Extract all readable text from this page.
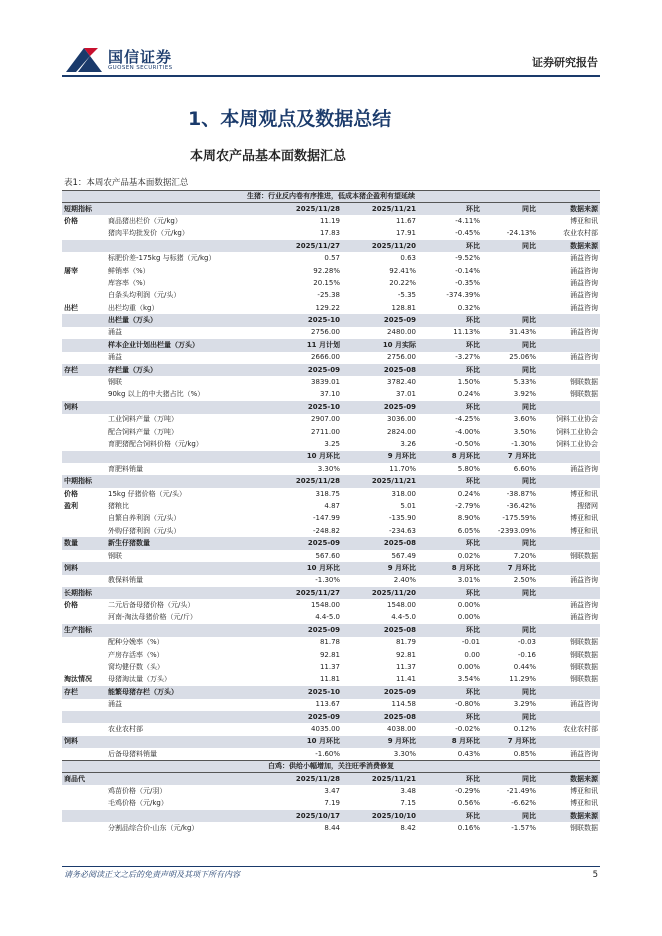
国信证券
GUOSEN SECURITIES	证券研究报告
1、本周观点及数据总结
本周农产品基本面数据汇总
表1：本周农产品基本面数据汇总
生猪：行业反内卷有序推进，低成本猪企盈利有望延续						
短期指标		2025/11/28	2025/11/21	环比	同比	数据来源
价格	商品猪出栏价（元/kg）	11.19	11.67	-4.11%		博亚和讯
	猪肉平均批发价（元/kg）	17.83	17.91	-0.45%	-24.13%	农业农村部
		2025/11/27	2025/11/20	环比	同比	数据来源
	标肥价差-175kg 与标猪（元/kg）	0.57	0.63	-9.52%		涌益咨询
屠宰	鲜销率（%）	92.28%	92.41%	-0.14%		涌益咨询
	库容率（%）	20.15%	20.22%	-0.35%		涌益咨询
	白条头均利润（元/头）	-25.38	-5.35	-374.39%		涌益咨询
出栏	出栏均重（kg）	129.22	128.81	0.32%		涌益咨询
	出栏量（万头）	2025-10	2025-09	环比	同比	
	涌益	2756.00	2480.00	11.13%	31.43%	涌益咨询
	样本企业计划出栏量（万头）	11 月计划	10 月实际	环比	同比	
	涌益	2666.00	2756.00	-3.27%	25.06%	涌益咨询
存栏	存栏量（万头）	2025-09	2025-08	环比	同比	
	钢联	3839.01	3782.40	1.50%	5.33%	钢联数据
	90kg 以上的中大猪占比（%）	37.10	37.01	0.24%	3.92%	钢联数据
饲料		2025-10	2025-09	环比	同比	
	工业饲料产量（万吨）	2907.00	3036.00	-4.25%	3.60%	饲料工业协会
	配合饲料产量（万吨）	2711.00	2824.00	-4.00%	3.50%	饲料工业协会
	育肥猪配合饲料价格（元/kg）	3.25	3.26	-0.50%	-1.30%	饲料工业协会
		10 月环比	9 月环比	8 月环比	7 月环比	
	育肥料销量	3.30%	11.70%	5.80%	6.60%	涌益咨询
中期指标		2025/11/28	2025/11/21	环比	同比	
价格	15kg 仔猪价格（元/头）	318.75	318.00	0.24%	-38.87%	博亚和讯
盈利	猪粮比	4.87	5.01	-2.79%	-36.42%	搜猪网
	自繁自养利润（元/头）	-147.99	-135.90	8.90%	-175.59%	博亚和讯
	外购仔猪利润（元/头）	-248.82	-234.63	6.05%	-2393.09%	博亚和讯
数量	新生仔猪数量	2025-09	2025-08	环比	同比	
	钢联	567.60	567.49	0.02%	7.20%	钢联数据
饲料		10 月环比	9 月环比	8 月环比	7 月环比	
	教保料销量	-1.30%	2.40%	3.01%	2.50%	涌益咨询
长期指标		2025/11/27	2025/11/20	环比	同比	
价格	二元后备母猪价格（元/头）	1548.00	1548.00	0.00%		涌益咨询
	河南-淘汰母猪价格（元/斤）	4.4-5.0	4.4-5.0	0.00%		涌益咨询
生产指标		2025-09	2025-08	环比	同比	
	配种分娩率（%）	81.78	81.79	-0.01	-0.03	钢联数据
	产房存活率（%）	92.81	92.81	0.00	-0.16	钢联数据
	窝均健仔数（头）	11.37	11.37	0.00%	0.44%	钢联数据
淘汰情况	母猪淘汰量（万头）	11.81	11.41	3.54%	11.29%	钢联数据
存栏	能繁母猪存栏（万头）	2025-10	2025-09	环比	同比	
	涌益	113.67	114.58	-0.80%	3.29%	涌益咨询
		2025-09	2025-08	环比	同比	
	农业农村部	4035.00	4038.00	-0.02%	0.12%	农业农村部
饲料		10 月环比	9 月环比	8 月环比	7 月环比	
	后备母猪料销量	-1.60%	3.30%	0.43%	0.85%	涌益咨询
白鸡：供给小幅增加，关注旺季消费修复						
商品代		2025/11/28	2025/11/21	环比	同比	数据来源
	鸡苗价格（元/羽）	3.47	3.48	-0.29%	-21.49%	博亚和讯
	毛鸡价格（元/kg）	7.19	7.15	0.56%	-6.62%	博亚和讯
		2025/10/17	2025/10/10	环比	同比	数据来源
	分割品综合价-山东（元/kg）	8.44	8.42	0.16%	-1.57%	钢联数据
请务必阅读正文之后的免责声明及其项下所有内容	5
